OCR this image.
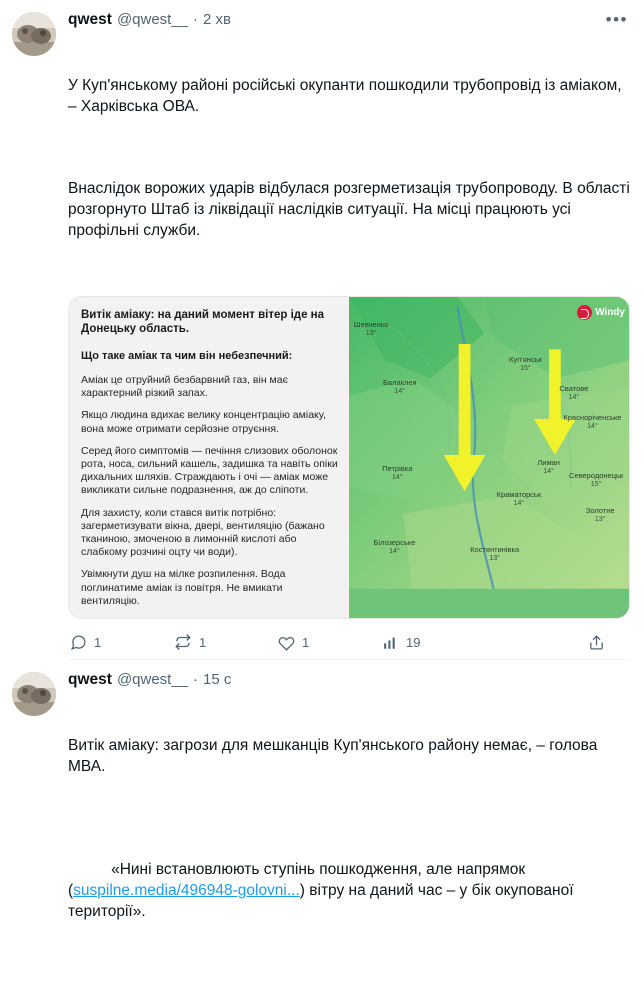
qwest @qwest__ · 2 хв	•••

У Куп'янському районі російські окупанти пошкодили трубопровід із аміаком, – Харківська ОВА.

Внаслідок ворожих ударів відбулася розгерметизація трубопроводу. В області розгорнуто Штаб із ліквідації наслідків ситуації. На місці працюють усі профільні служби.

Витік аміаку: на даний момент вітер іде на Донецьку область.
Що таке аміак та чим він небезпечний:
Аміак це отруйний безбарвний газ, він має характерний різкий запах.
Якщо людина вдихає велику концентрацію аміаку, вона може отримати серйозне отруєння.
Серед його симптомів — печіння слизових оболонок рота, носа, сильний кашель, задишка та навіть опіки дихальних шляхів. Страждають і очі — аміак може викликати сильне подразнення, аж до сліпоти.
Для захисту, коли стався витік потрібно: загерметизувати вікна, двері, вентиляцію (бажано тканиною, змоченою в лимонній кислоті або слабкому розчині оцту чи води).
Увімкнути душ на мілке розпилення. Вода поглинатиме аміак із повітря. Не вмикати вентиляцію.
Windy
Куп'янськ
15°
Балаклея
14°
Шевченко
13°
Сватове
14°
Красноріченське
14°
Лиман
14°	Северодонецьк
15°
Петрівка
14°
Краматорськ
14°
Золотне
13°
Білозерське
14°	Костянтинівка
13°
1	1	1	19
qwest @qwest__ · 15 с

Витік аміаку: загрози для мешканців Куп'янського району немає, – голова МВА.

«Нині встановлюють ступінь пошкодження, але напрямок (suspilne.media/496948-golovni...) вітру на даний час – у бік окупованої території».
